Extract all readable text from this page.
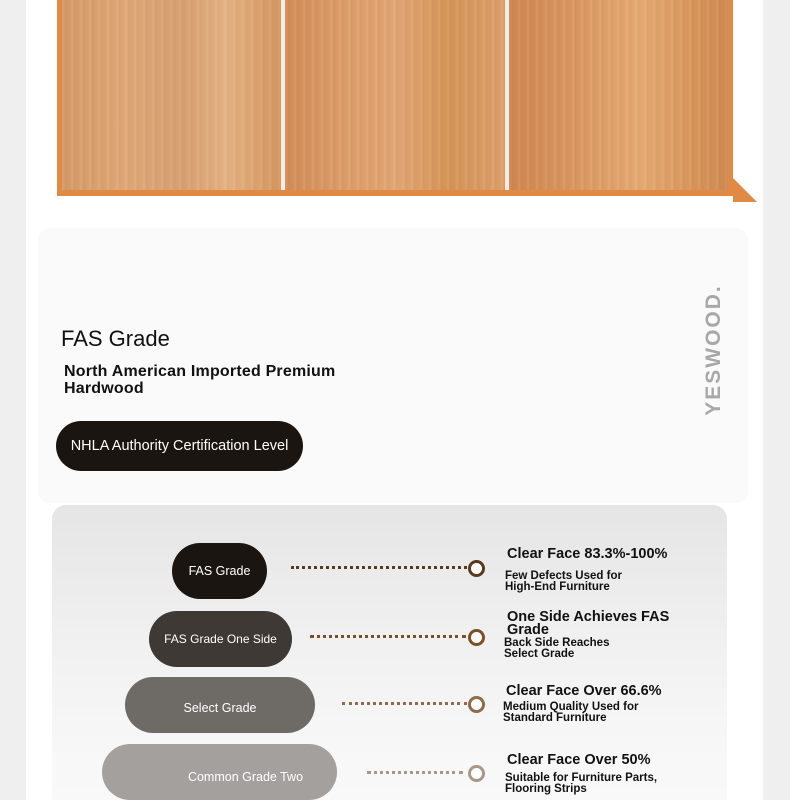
FAS Grade
North American Imported Premium Hardwood
NHLA Authority Certification Level
YESWOOD.
FAS Grade
Clear Face 83.3%-100%
Few Defects Used for High-End Furniture
FAS Grade One Side
One Side Achieves FAS Grade
Back Side Reaches Select Grade
Select Grade
Clear Face Over 66.6%
Medium Quality Used for Standard Furniture
Common Grade Two
Clear Face Over 50%
Suitable for Furniture Parts, Flooring Strips
